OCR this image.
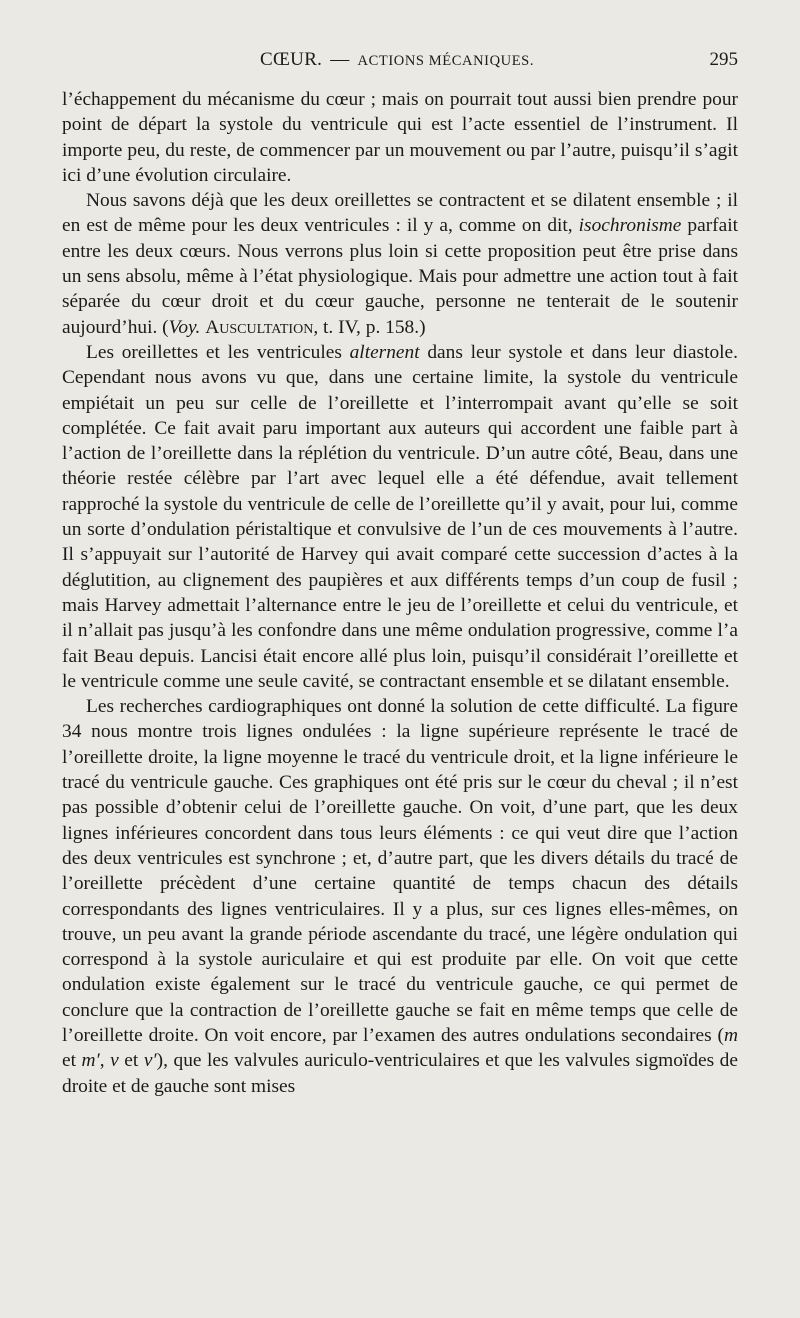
CŒUR. — ACTIONS MÉCANIQUES.	295

l’échappement du mécanisme du cœur ; mais on pourrait tout aussi bien prendre pour point de départ la systole du ventricule qui est l’acte essentiel de l’instrument. Il importe peu, du reste, de commencer par un mouvement ou par l’autre, puisqu’il s’agit ici d’une évolution circulaire.

Nous savons déjà que les deux oreillettes se contractent et se dilatent ensemble ; il en est de même pour les deux ventricules : il y a, comme on dit, isochronisme parfait entre les deux cœurs. Nous verrons plus loin si cette proposition peut être prise dans un sens absolu, même à l’état physiologique. Mais pour admettre une action tout à fait séparée du cœur droit et du cœur gauche, personne ne tenterait de le soutenir aujourd’hui. (Voy. Auscultation, t. IV, p. 158.)

Les oreillettes et les ventricules alternent dans leur systole et dans leur diastole. Cependant nous avons vu que, dans une certaine limite, la systole du ventricule empiétait un peu sur celle de l’oreillette et l’interrompait avant qu’elle se soit complétée. Ce fait avait paru important aux auteurs qui accordent une faible part à l’action de l’oreillette dans la réplétion du ventricule. D’un autre côté, Beau, dans une théorie restée célèbre par l’art avec lequel elle a été défendue, avait tellement rapproché la systole du ventricule de celle de l’oreillette qu’il y avait, pour lui, comme un sorte d’ondulation péristaltique et convulsive de l’un de ces mouvements à l’autre. Il s’appuyait sur l’autorité de Harvey qui avait comparé cette succession d’actes à la déglutition, au clignement des paupières et aux différents temps d’un coup de fusil ; mais Harvey admettait l’alternance entre le jeu de l’oreillette et celui du ventricule, et il n’allait pas jusqu’à les confondre dans une même ondulation progressive, comme l’a fait Beau depuis. Lancisi était encore allé plus loin, puisqu’il considérait l’oreillette et le ventricule comme une seule cavité, se contractant ensemble et se dilatant ensemble.

Les recherches cardiographiques ont donné la solution de cette difficulté. La figure 34 nous montre trois lignes ondulées : la ligne supérieure représente le tracé de l’oreillette droite, la ligne moyenne le tracé du ventricule droit, et la ligne inférieure le tracé du ventricule gauche. Ces graphiques ont été pris sur le cœur du cheval ; il n’est pas possible d’obtenir celui de l’oreillette gauche. On voit, d’une part, que les deux lignes inférieures concordent dans tous leurs éléments : ce qui veut dire que l’action des deux ventricules est synchrone ; et, d’autre part, que les divers détails du tracé de l’oreillette précèdent d’une certaine quantité de temps chacun des détails correspondants des lignes ventriculaires. Il y a plus, sur ces lignes elles-mêmes, on trouve, un peu avant la grande période ascendante du tracé, une légère ondulation qui correspond à la systole auriculaire et qui est produite par elle. On voit que cette ondulation existe également sur le tracé du ventricule gauche, ce qui permet de conclure que la contraction de l’oreillette gauche se fait en même temps que celle de l’oreillette droite. On voit encore, par l’examen des autres ondulations secondaires (m et m′, v et v′), que les valvules auriculo-ventriculaires et que les valvules sigmoïdes de droite et de gauche sont mises
